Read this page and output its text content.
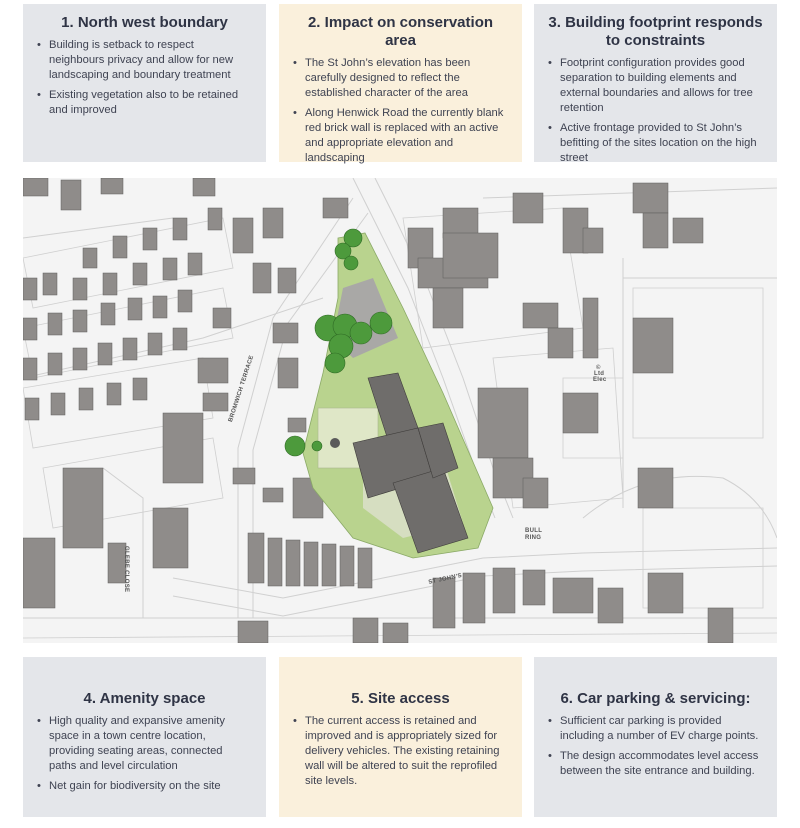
1. North west boundary
• Building is setback to respect neighbours privacy and allow for new landscaping and boundary treatment
• Existing vegetation also to be retained and improved
2. Impact on conservation area
• The St John’s elevation has been carefully designed to reflect the established character of the area
• Along Henwick Road the currently blank red brick wall is replaced with an active and appropriate elevation and landscaping
3. Building footprint responds to constraints
• Footprint configuration provides good separation to building elements and external boundaries and allows for tree retention
• Active frontage provided to St John’s befitting of the sites location on the high street
BROMWICH TERRACE
GLEBE CLOSE
BULL
RING
ST JOHN'S
©
Ltd
Elec
4. Amenity space
• High quality and expansive amenity space in a town centre location, providing seating areas, connected paths and level circulation
• Net gain for biodiversity on the site
5. Site access
• The current access is retained and improved and is appropriately sized for delivery vehicles. The existing retaining wall will be altered to suit the reprofiled site levels.
6. Car parking & servicing:
• Sufficient car parking is provided including a number of EV charge points.
• The design accommodates level access between the site entrance and building.
